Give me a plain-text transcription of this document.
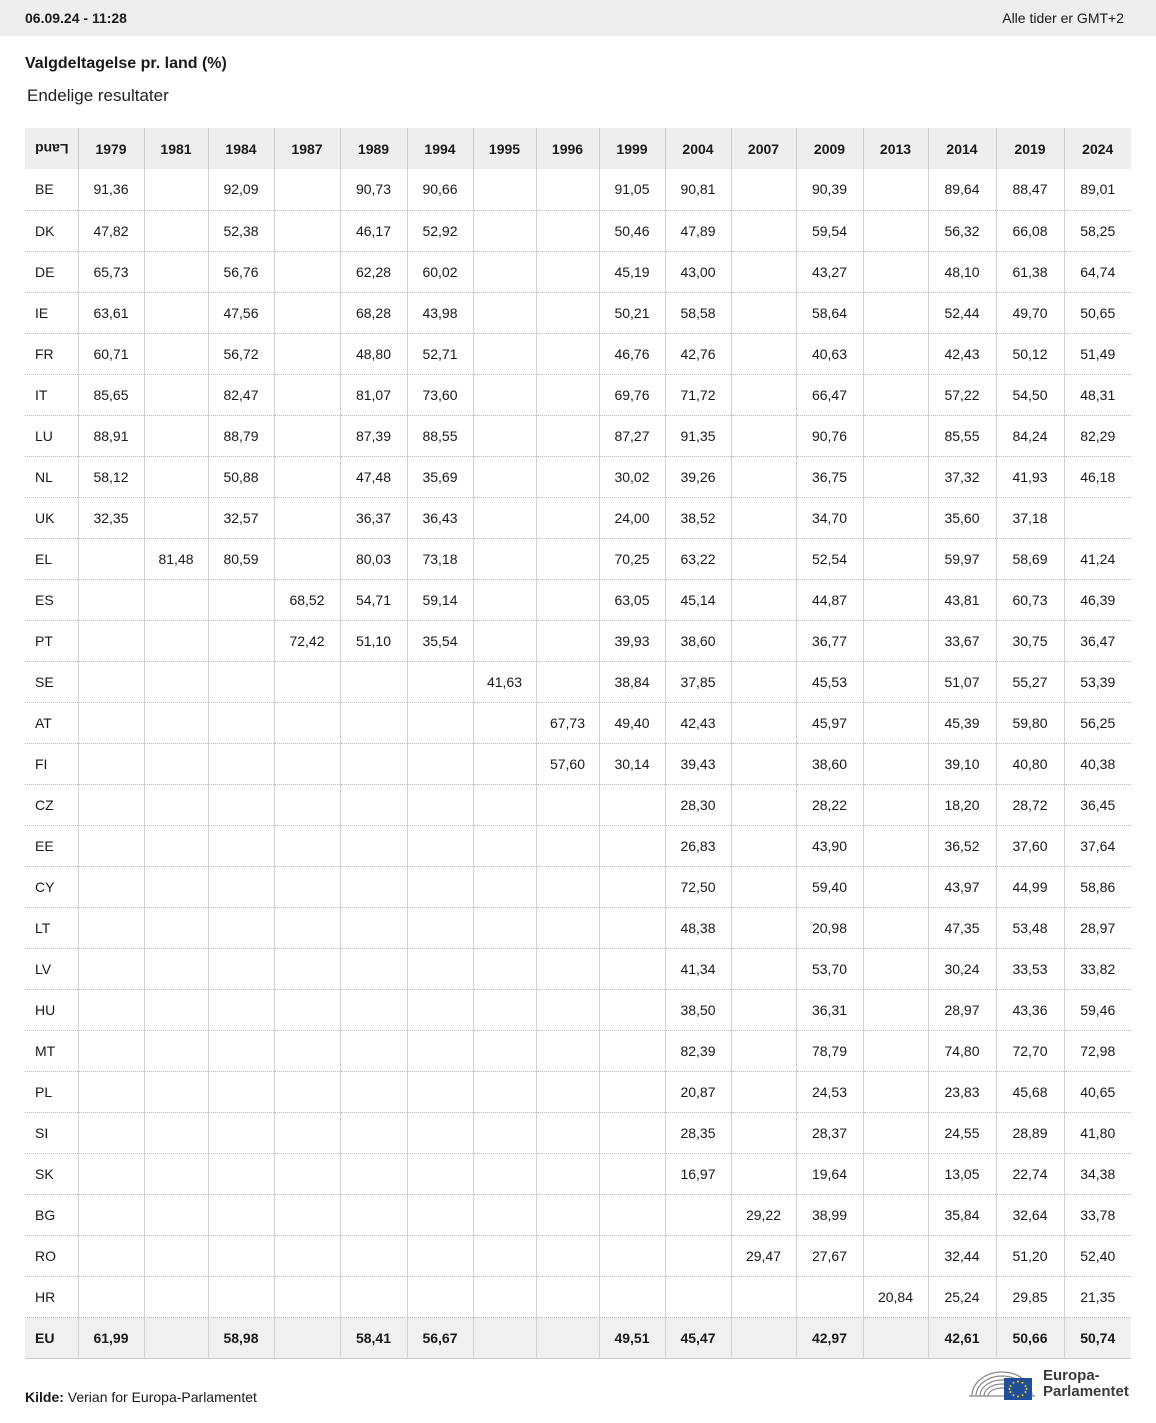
06.09.24 - 11:28	Alle tider er GMT+2
Valgdeltagelse pr. land (%)
Endelige resultater
Land	1979	1981	1984	1987	1989	1994	1995	1996	1999	2004	2007	2009	2013	2014	2019	2024
BE	91,36		92,09		90,73	90,66			91,05	90,81		90,39		89,64	88,47	89,01
DK	47,82		52,38		46,17	52,92			50,46	47,89		59,54		56,32	66,08	58,25
DE	65,73		56,76		62,28	60,02			45,19	43,00		43,27		48,10	61,38	64,74
IE	63,61		47,56		68,28	43,98			50,21	58,58		58,64		52,44	49,70	50,65
FR	60,71		56,72		48,80	52,71			46,76	42,76		40,63		42,43	50,12	51,49
IT	85,65		82,47		81,07	73,60			69,76	71,72		66,47		57,22	54,50	48,31
LU	88,91		88,79		87,39	88,55			87,27	91,35		90,76		85,55	84,24	82,29
NL	58,12		50,88		47,48	35,69			30,02	39,26		36,75		37,32	41,93	46,18
UK	32,35		32,57		36,37	36,43			24,00	38,52		34,70		35,60	37,18	
EL		81,48	80,59		80,03	73,18			70,25	63,22		52,54		59,97	58,69	41,24
ES				68,52	54,71	59,14			63,05	45,14		44,87		43,81	60,73	46,39
PT				72,42	51,10	35,54			39,93	38,60		36,77		33,67	30,75	36,47
SE							41,63		38,84	37,85		45,53		51,07	55,27	53,39
AT								67,73	49,40	42,43		45,97		45,39	59,80	56,25
FI								57,60	30,14	39,43		38,60		39,10	40,80	40,38
CZ										28,30		28,22		18,20	28,72	36,45
EE										26,83		43,90		36,52	37,60	37,64
CY										72,50		59,40		43,97	44,99	58,86
LT										48,38		20,98		47,35	53,48	28,97
LV										41,34		53,70		30,24	33,53	33,82
HU										38,50		36,31		28,97	43,36	59,46
MT										82,39		78,79		74,80	72,70	72,98
PL										20,87		24,53		23,83	45,68	40,65
SI										28,35		28,37		24,55	28,89	41,80
SK										16,97		19,64		13,05	22,74	34,38
BG											29,22	38,99		35,84	32,64	33,78
RO											29,47	27,67		32,44	51,20	52,40
HR													20,84	25,24	29,85	21,35
EU	61,99		58,98		58,41	56,67			49,51	45,47		42,97		42,61	50,66	50,74
Kilde: Verian for Europa-Parlamentet
Europa-
Parlamentet
